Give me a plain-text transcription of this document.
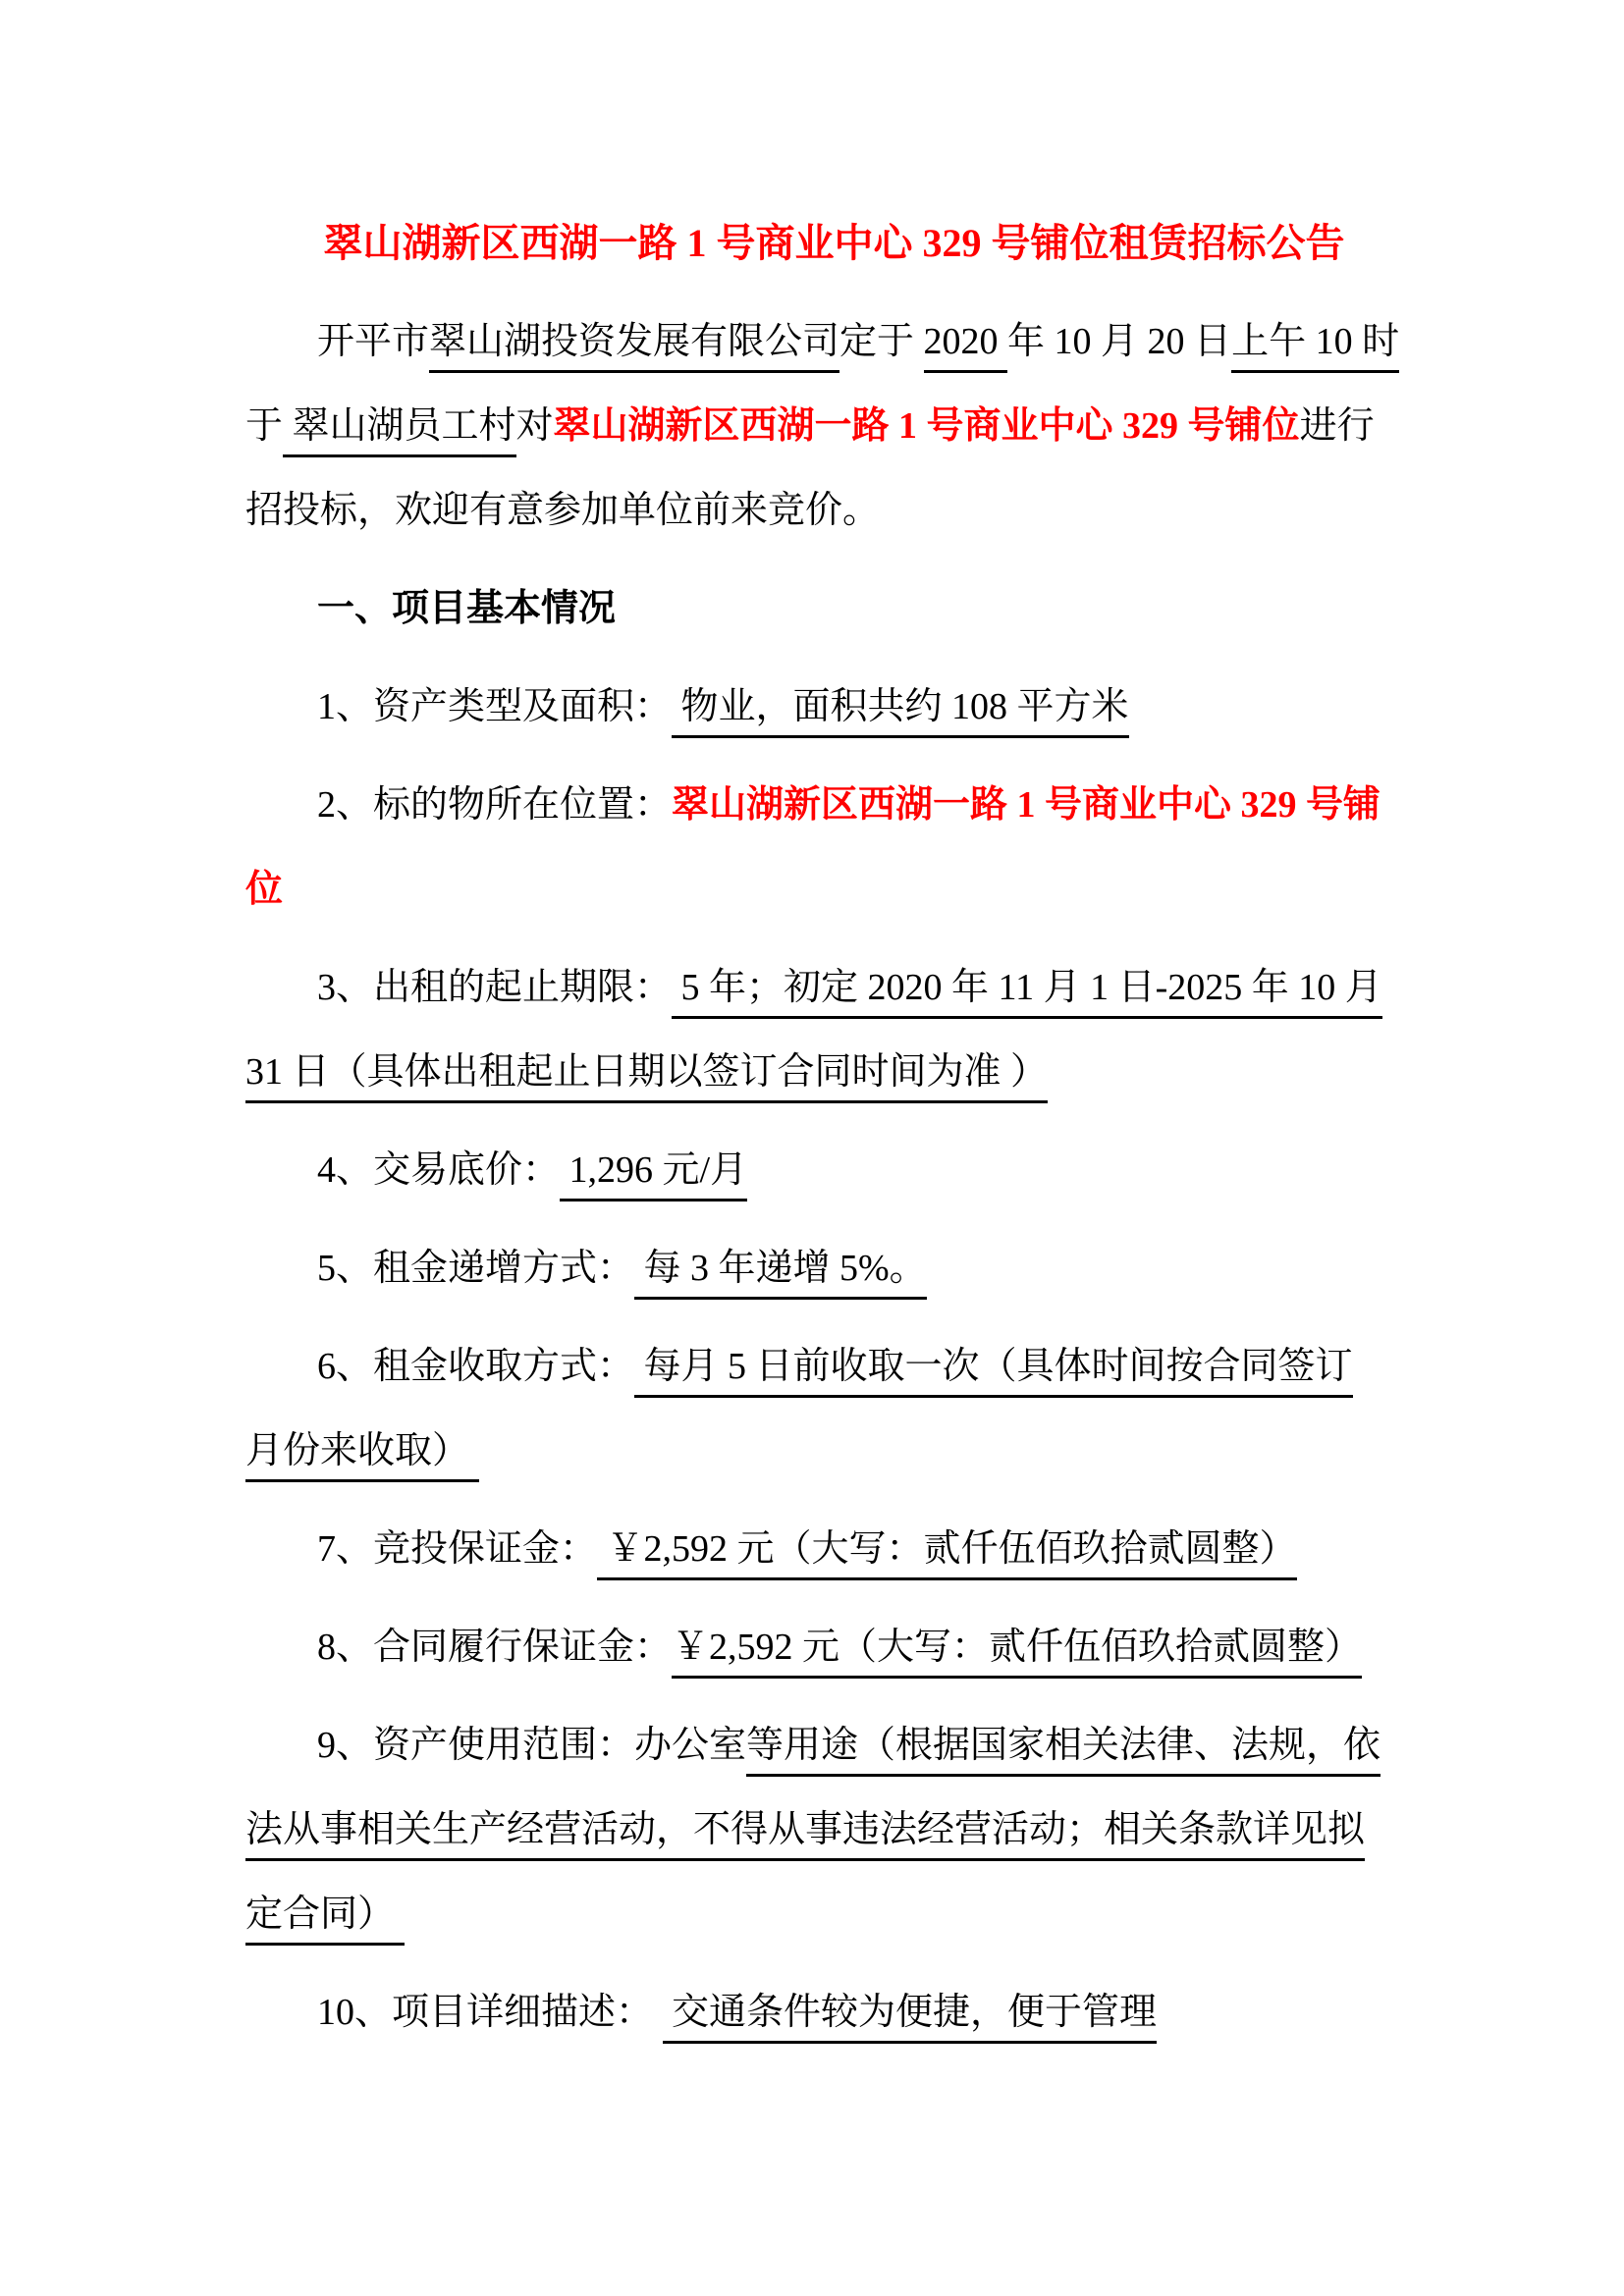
翠山湖新区西湖一路 1 号商业中心 329 号铺位租赁招标公告
开平市翠山湖投资发展有限公司定于 2020 年 10 月 20 日上午 10 时
于 翠山湖员工村对翠山湖新区西湖一路 1 号商业中心 329 号铺位进行
招投标，欢迎有意参加单位前来竞价。
一、项目基本情况
1、资产类型及面积： 物业，面积共约 108 平方米
2、标的物所在位置：翠山湖新区西湖一路 1 号商业中心 329 号铺
位
3、出租的起止期限： 5 年；初定 2020 年 11 月 1 日-2025 年 10 月
31 日（具体出租起止日期以签订合同时间为准 ）
4、交易底价： 1,296 元/月
5、租金递增方式： 每 3 年递增 5%。
6、租金收取方式： 每月 5 日前收取一次（具体时间按合同签订
月份来收取）
7、竞投保证金： ￥2,592 元（大写：贰仟伍佰玖拾贰圆整）
8、合同履行保证金：￥2,592 元（大写：贰仟伍佰玖拾贰圆整）
9、资产使用范围：办公室等用途（根据国家相关法律、法规，依
法从事相关生产经营活动，不得从事违法经营活动；相关条款详见拟
定合同）
10、项目详细描述：  交通条件较为便捷，便于管理
